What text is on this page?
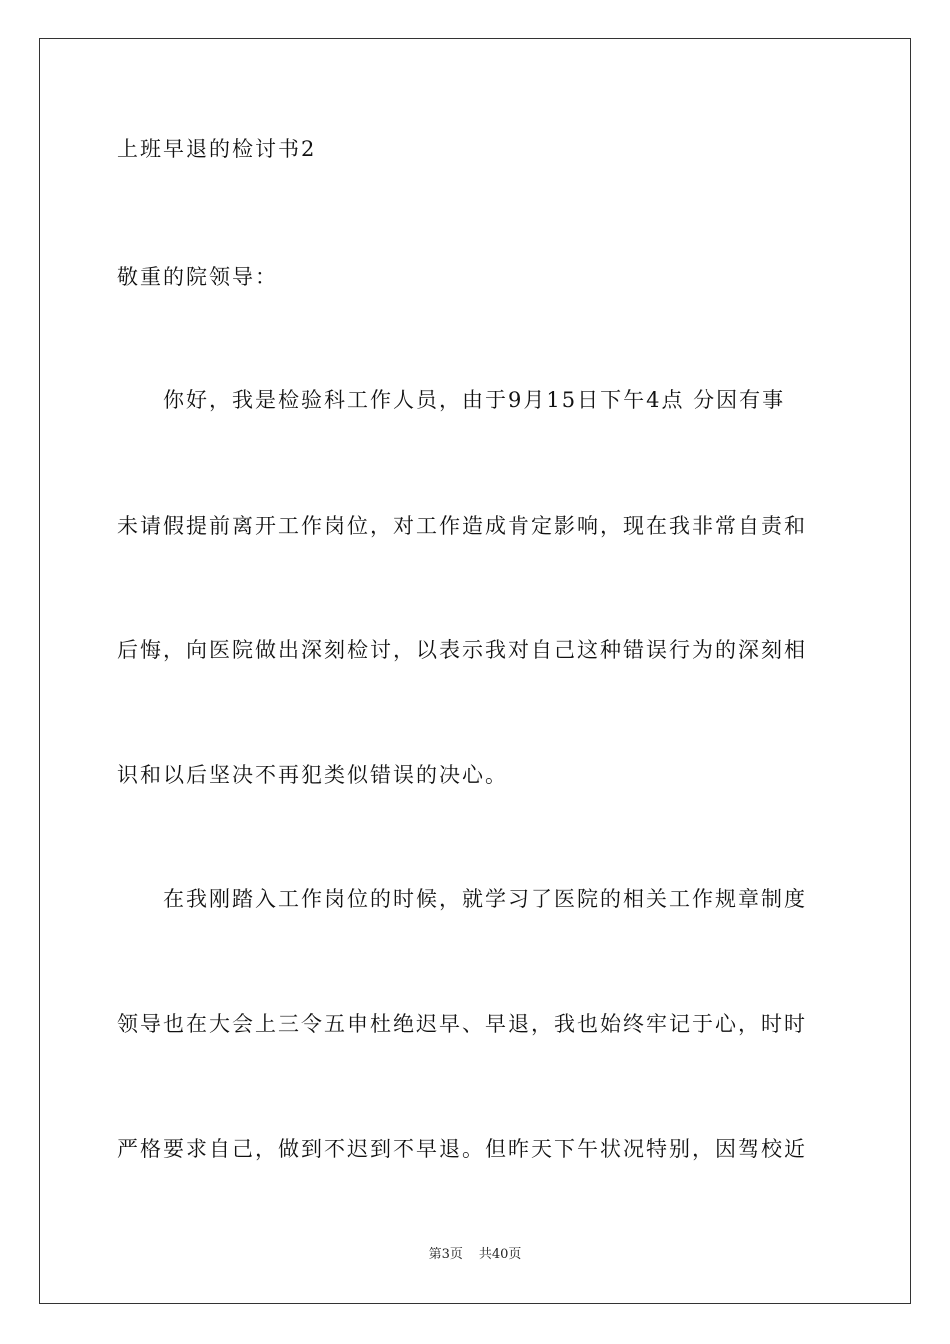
上班早退的检讨书2
敬重的院领导：
你好，我是检验科工作人员，由于9月15日下午4点 分因有事
未请假提前离开工作岗位，对工作造成肯定影响，现在我非常自责和
后悔，向医院做出深刻检讨，以表示我对自己这种错误行为的深刻相
识和以后坚决不再犯类似错误的决心。
在我刚踏入工作岗位的时候，就学习了医院的相关工作规章制度
领导也在大会上三令五申杜绝迟早、早退，我也始终牢记于心，时时
严格要求自己，做到不迟到不早退。但昨天下午状况特别，因驾校近
第3页 共40页
